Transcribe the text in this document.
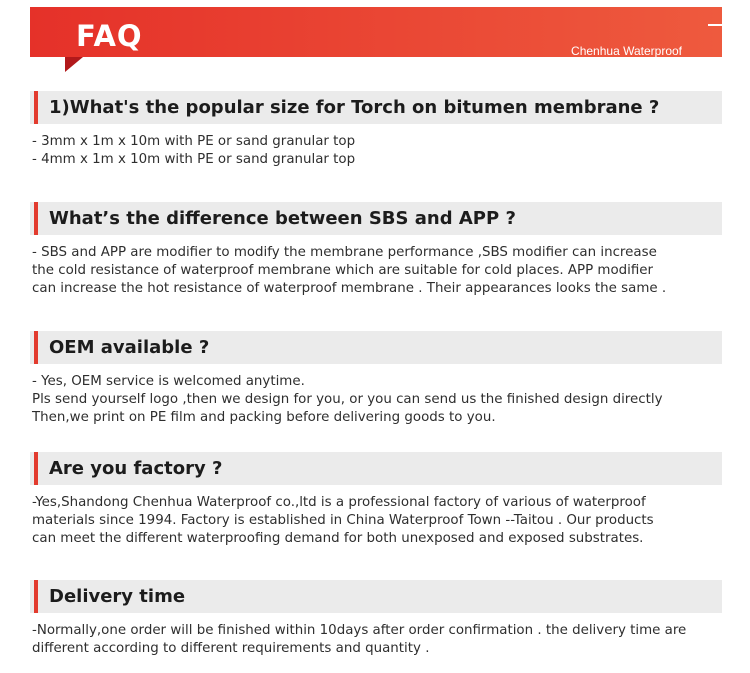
FAQ	Chenhua Waterproof
1)What's the popular size for Torch on bitumen membrane ?
- 3mm x 1m x 10m with PE or sand granular top
- 4mm x 1m x 10m with PE or sand granular top
What’s the difference between SBS and APP ?
- SBS and APP are modifier to modify the membrane performance ,SBS modifier can increase
the cold resistance of waterproof membrane which are suitable for cold places. APP modifier
can increase the hot resistance of waterproof membrane . Their appearances looks the same .
OEM available ?
- Yes, OEM service is welcomed anytime.
Pls send yourself logo ,then we design for you, or you can send us the finished design directly
Then,we print on PE film and packing before delivering goods to you.
Are you factory ?
-Yes,Shandong Chenhua Waterproof co.,ltd is a professional factory of various of waterproof
materials since 1994. Factory is established in China Waterproof Town --Taitou . Our products
can meet the different waterproofing demand for both unexposed and exposed substrates.
Delivery time
-Normally,one order will be finished within 10days after order confirmation . the delivery time are
different according to different requirements and quantity .
